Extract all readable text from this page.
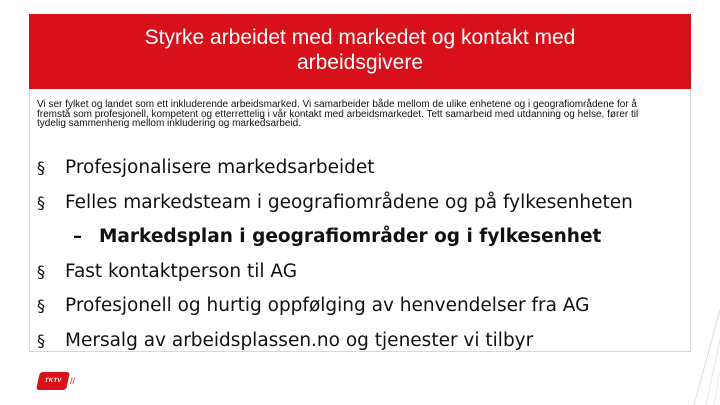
Styrke arbeidet med markedet og kontakt med arbeidsgivere
Vi ser fylket og landet som ett inkluderende arbeidsmarked. Vi samarbeider både mellom de ulike enhetene og i geografiområdene for å fremstå som profesjonell, kompetent og etterrettelig i vår kontakt med arbeidsmarkedet. Tett samarbeid med utdanning og helse, fører til tydelig sammenheng mellom inkludering og markedsarbeid.
§ Profesjonalisere markedsarbeidet
§ Felles markedsteam i geografiområdene og på fylkesenheten
– Markedsplan i geografiområder og i fylkesenhet
§ Fast kontaktperson til AG
§ Profesjonell og hurtig oppfølging av henvendelser fra AG
§ Mersalg av arbeidsplassen.no og tjenester vi tilbyr
TKTV //
